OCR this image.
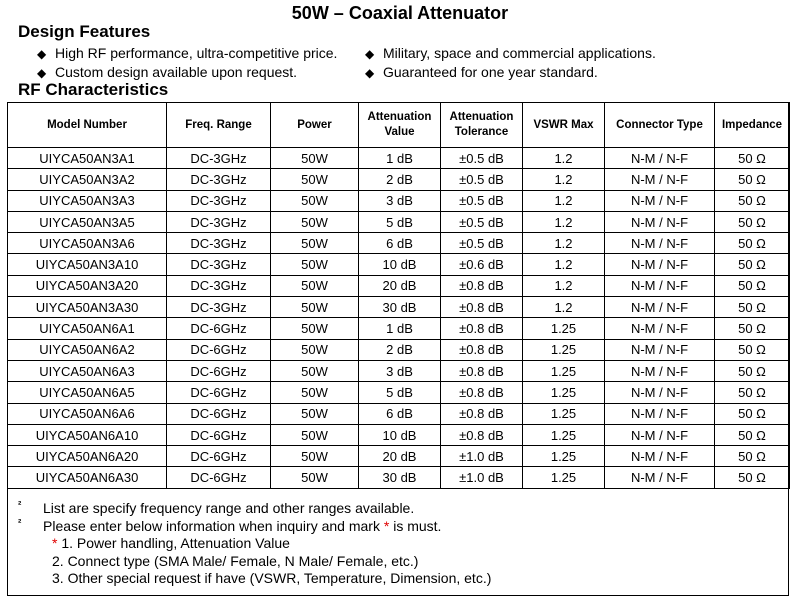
50W – Coaxial Attenuator
Design Features
◆ High RF performance, ultra-competitive price.
◆ Custom design available upon request.
◆ Military, space and commercial applications.
◆ Guaranteed for one year standard.
RF Characteristics
Model Number	Freq. Range	Power	Attenuation Value	Attenuation Tolerance	VSWR Max	Connector Type	Impedance
UIYCA50AN3A1	DC-3GHz	50W	1 dB	±0.5 dB	1.2	N-M / N-F	50 Ω
UIYCA50AN3A2	DC-3GHz	50W	2 dB	±0.5 dB	1.2	N-M / N-F	50 Ω
UIYCA50AN3A3	DC-3GHz	50W	3 dB	±0.5 dB	1.2	N-M / N-F	50 Ω
UIYCA50AN3A5	DC-3GHz	50W	5 dB	±0.5 dB	1.2	N-M / N-F	50 Ω
UIYCA50AN3A6	DC-3GHz	50W	6 dB	±0.5 dB	1.2	N-M / N-F	50 Ω
UIYCA50AN3A10	DC-3GHz	50W	10 dB	±0.6 dB	1.2	N-M / N-F	50 Ω
UIYCA50AN3A20	DC-3GHz	50W	20 dB	±0.8 dB	1.2	N-M / N-F	50 Ω
UIYCA50AN3A30	DC-3GHz	50W	30 dB	±0.8 dB	1.2	N-M / N-F	50 Ω
UIYCA50AN6A1	DC-6GHz	50W	1 dB	±0.8 dB	1.25	N-M / N-F	50 Ω
UIYCA50AN6A2	DC-6GHz	50W	2 dB	±0.8 dB	1.25	N-M / N-F	50 Ω
UIYCA50AN6A3	DC-6GHz	50W	3 dB	±0.8 dB	1.25	N-M / N-F	50 Ω
UIYCA50AN6A5	DC-6GHz	50W	5 dB	±0.8 dB	1.25	N-M / N-F	50 Ω
UIYCA50AN6A6	DC-6GHz	50W	6 dB	±0.8 dB	1.25	N-M / N-F	50 Ω
UIYCA50AN6A10	DC-6GHz	50W	10 dB	±0.8 dB	1.25	N-M / N-F	50 Ω
UIYCA50AN6A20	DC-6GHz	50W	20 dB	±1.0 dB	1.25	N-M / N-F	50 Ω
UIYCA50AN6A30	DC-6GHz	50W	30 dB	±1.0 dB	1.25	N-M / N-F	50 Ω
² List are specify frequency range and other ranges available.
² Please enter below information when inquiry and mark * is must.
* 1. Power handling, Attenuation Value
2. Connect type (SMA Male/ Female, N Male/ Female, etc.)
3. Other special request if have (VSWR, Temperature, Dimension, etc.)
